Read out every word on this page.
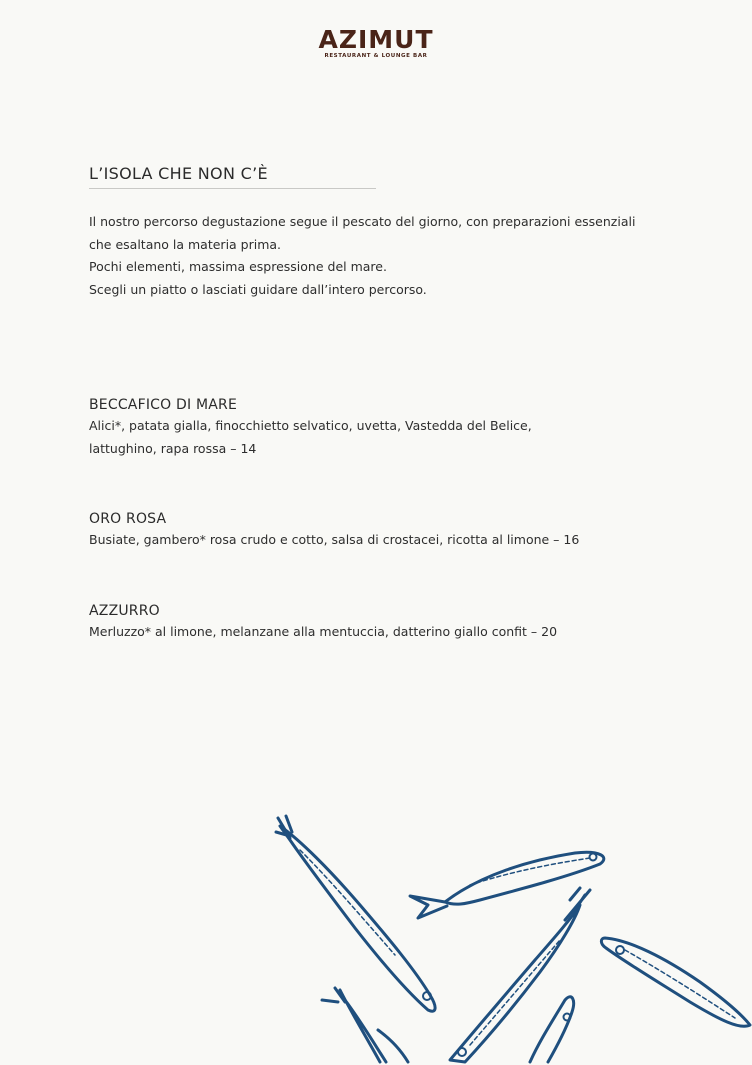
AZIMUT
RESTAURANT & LOUNGE BAR
L’ISOLA CHE NON C’È

Il nostro percorso degustazione segue il pescato del giorno, con preparazioni essenziali

che esaltano la materia prima.

Pochi elementi, massima espressione del mare.

Scegli un piatto o lasciati guidare dall’intero percorso.

BECCAFICO DI MARE
Alici*, patata gialla, finocchietto selvatico, uvetta, Vastedda del Belice,
lattughino, rapa rossa – 14
ORO ROSA
Busiate, gambero* rosa crudo e cotto, salsa di crostacei, ricotta al limone – 16
AZZURRO
Merluzzo* al limone, melanzane alla mentuccia, datterino giallo confit – 20
